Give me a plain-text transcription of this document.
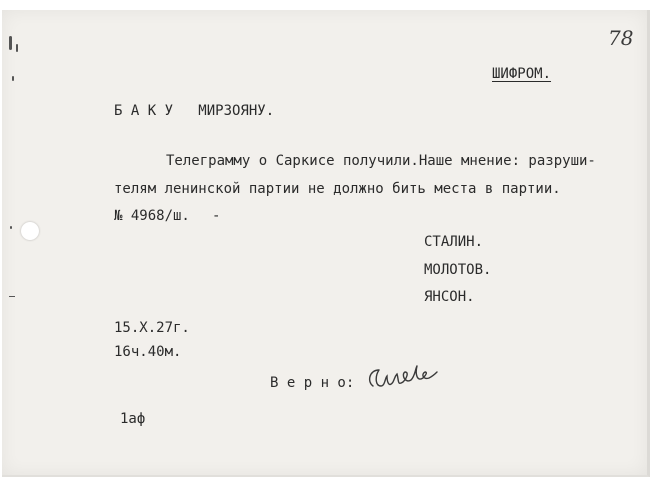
78
ШИФРОМ.
Б А К У   МИРЗОЯНУ.
Телеграмму о Саркисе получили.Наше мнение: разруши-
телям ленинской партии не должно бить места в партии.
№ 4968/ш. -
СТАЛИН.
МОЛОТОВ.
ЯНСОН.
15.Х.27г.
16ч.40м.
В е р н о:
1аф
